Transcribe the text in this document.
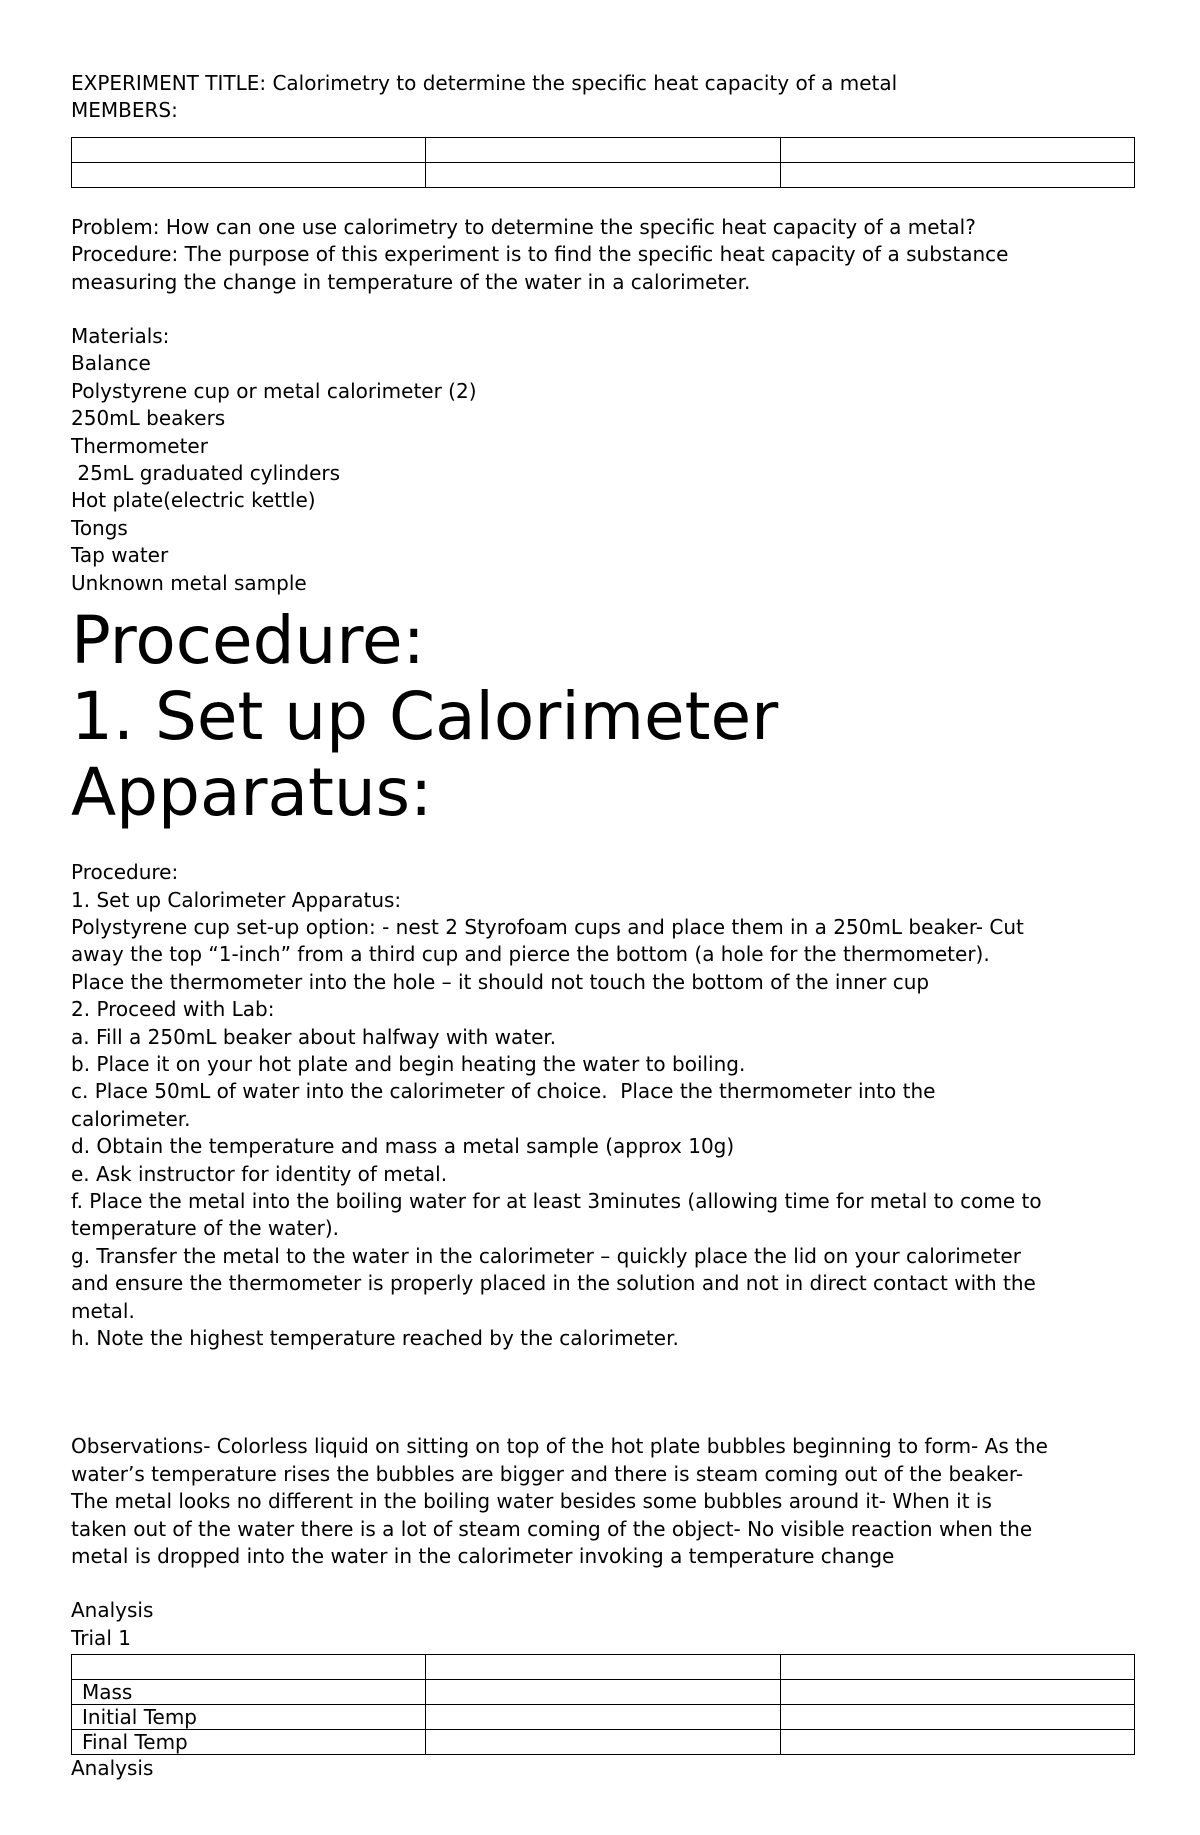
EXPERIMENT TITLE: Calorimetry to determine the specific heat capacity of a metal

MEMBERS:

Problem: How can one use calorimetry to determine the specific heat capacity of a metal?

Procedure: The purpose of this experiment is to find the specific heat capacity of a substance

measuring the change in temperature of the water in a calorimeter.

Materials:

Balance

Polystyrene cup or metal calorimeter (2)

250mL beakers

Thermometer

25mL graduated cylinders

Hot plate(electric kettle)

Tongs

Tap water

Unknown metal sample

Procedure:

1. Set up Calorimeter

Apparatus:

Procedure:

1. Set up Calorimeter Apparatus:

Polystyrene cup set-up option: - nest 2 Styrofoam cups and place them in a 250mL beaker- Cut

away the top “1-inch” from a third cup and pierce the bottom (a hole for the thermometer).

Place the thermometer into the hole – it should not touch the bottom of the inner cup

2. Proceed with Lab:

a. Fill a 250mL beaker about halfway with water.

b. Place it on your hot plate and begin heating the water to boiling.

c. Place 50mL of water into the calorimeter of choice.  Place the thermometer into the

calorimeter.

d. Obtain the temperature and mass a metal sample (approx 10g)

e. Ask instructor for identity of metal.

f. Place the metal into the boiling water for at least 3minutes (allowing time for metal to come to

temperature of the water).

g. Transfer the metal to the water in the calorimeter – quickly place the lid on your calorimeter

and ensure the thermometer is properly placed in the solution and not in direct contact with the

metal.

h. Note the highest temperature reached by the calorimeter.

Observations- Colorless liquid on sitting on top of the hot plate bubbles beginning to form- As the

water’s temperature rises the bubbles are bigger and there is steam coming out of the beaker-

The metal looks no different in the boiling water besides some bubbles around it- When it is

taken out of the water there is a lot of steam coming of the object- No visible reaction when the

metal is dropped into the water in the calorimeter invoking a temperature change

Analysis

Trial 1

Mass		
Initial Temp		
Final Temp		

Analysis
